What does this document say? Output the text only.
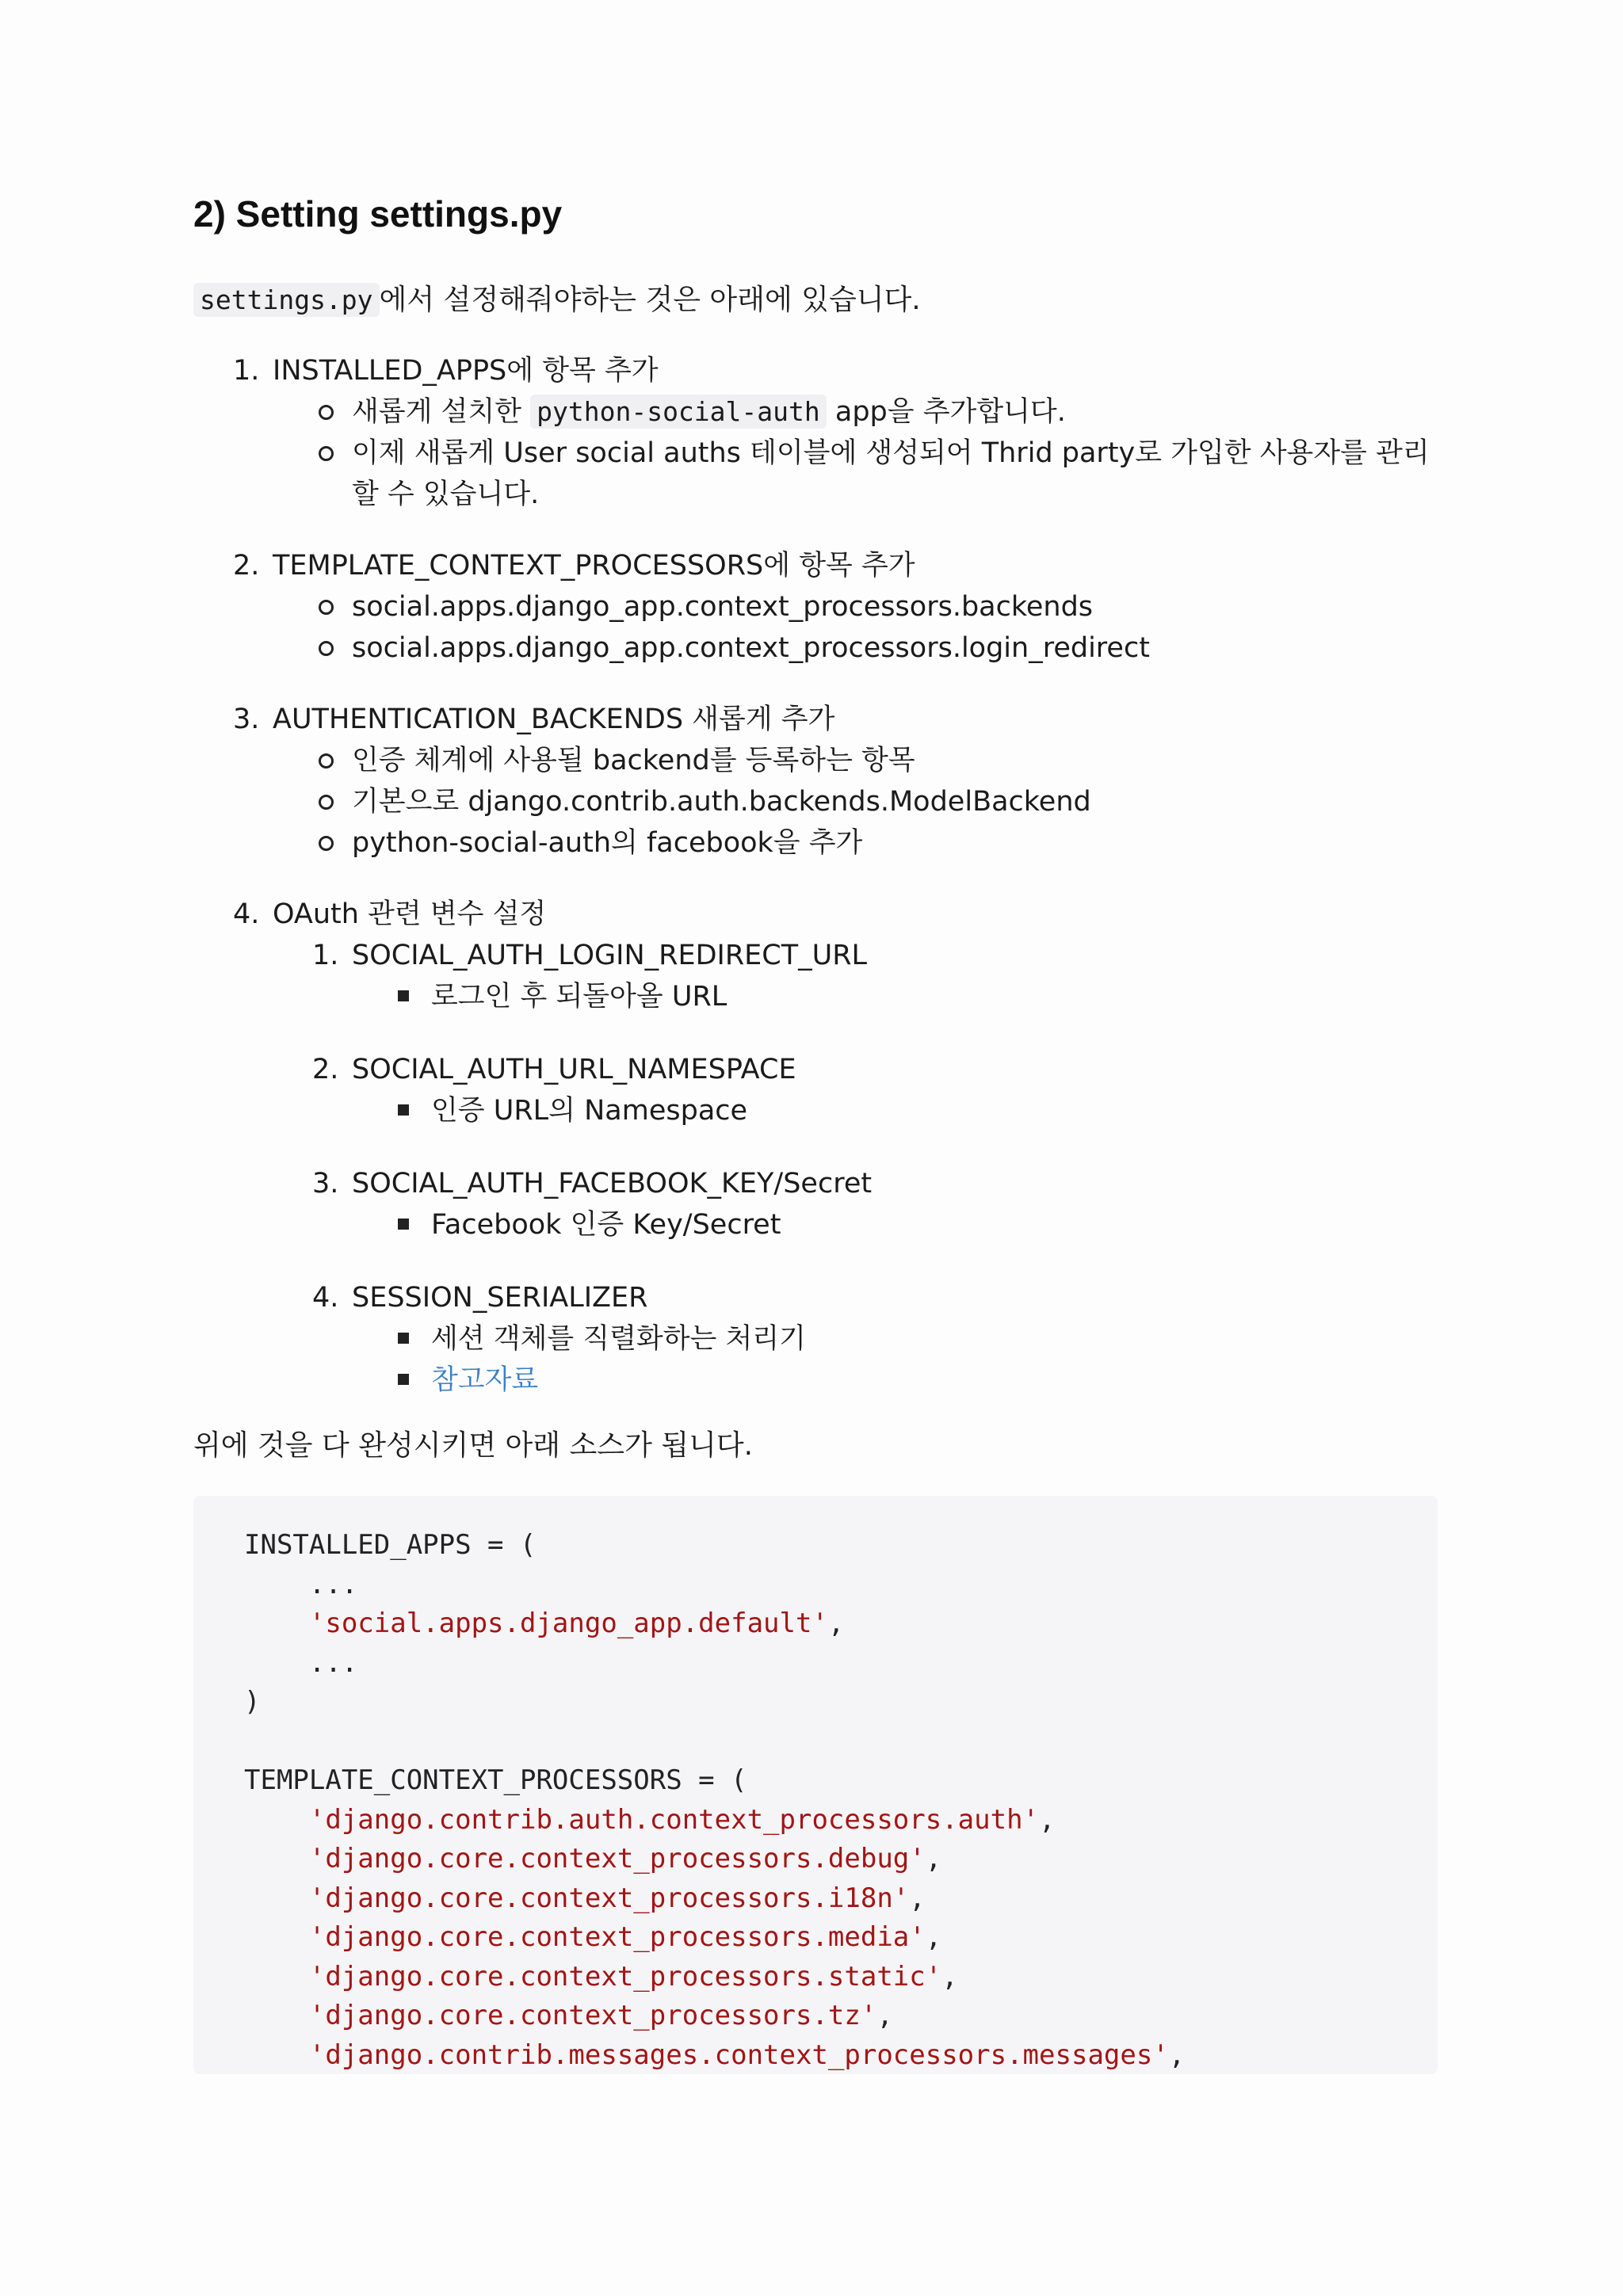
2) Setting settings.py
settings.py 에서 설정해줘야하는 것은 아래에 있습니다.
1. INSTALLED_APPS에 항목 추가
새롭게 설치한 python-social-auth app을 추가합니다.
이제 새롭게 User social auths 테이블에 생성되어 Thrid party로 가입한 사용자를 관리할 수 있습니다.
2. TEMPLATE_CONTEXT_PROCESSORS에 항목 추가
social.apps.django_app.context_processors.backends
social.apps.django_app.context_processors.login_redirect
3. AUTHENTICATION_BACKENDS 새롭게 추가
인증 체계에 사용될 backend를 등록하는 항목
기본으로 django.contrib.auth.backends.ModelBackend
python-social-auth의 facebook을 추가
4. OAuth 관련 변수 설정
1. SOCIAL_AUTH_LOGIN_REDIRECT_URL
로그인 후 되돌아올 URL
2. SOCIAL_AUTH_URL_NAMESPACE
인증 URL의 Namespace
3. SOCIAL_AUTH_FACEBOOK_KEY/Secret
Facebook 인증 Key/Secret
4. SESSION_SERIALIZER
세션 객체를 직렬화하는 처리기
참고자료
위에 것을 다 완성시키면 아래 소스가 됩니다.
INSTALLED_APPS = (
...
'social.apps.django_app.default',
...
)
TEMPLATE_CONTEXT_PROCESSORS = (
'django.contrib.auth.context_processors.auth',
'django.core.context_processors.debug',
'django.core.context_processors.i18n',
'django.core.context_processors.media',
'django.core.context_processors.static',
'django.core.context_processors.tz',
'django.contrib.messages.context_processors.messages',
